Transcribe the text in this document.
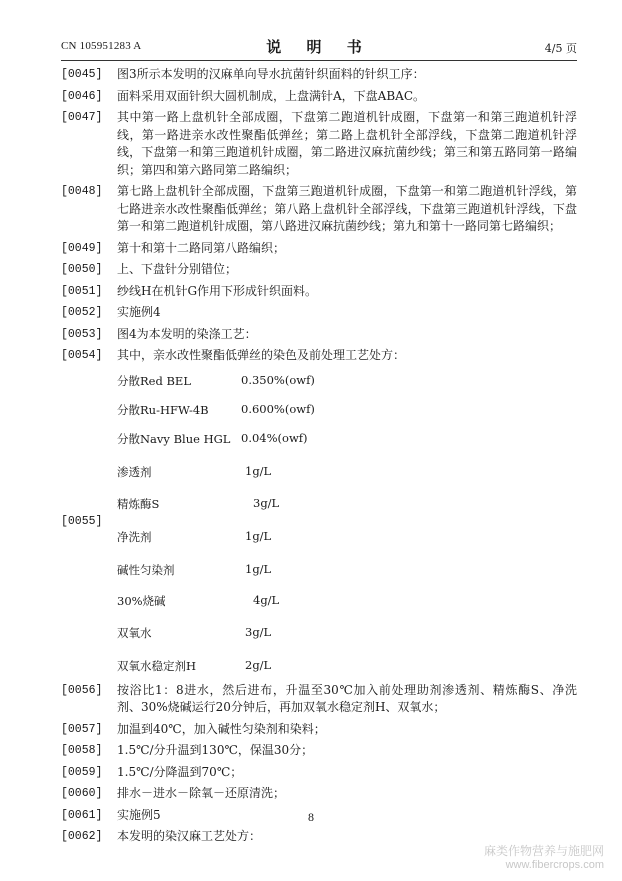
CN 105951283 A	说 明 书	4/5 页
[0045] 图3所示本发明的汉麻单向导水抗菌针织面料的针织工序：
[0046] 面料采用双面针织大圆机制成，上盘满针A，下盘ABAC。
[0047] 其中第一路上盘机针全部成圈，下盘第二跑道机针成圈，下盘第一和第三跑道机针浮线，第一路进亲水改性聚酯低弹丝；第二路上盘机针全部浮线，下盘第二跑道机针浮线，下盘第一和第三跑道机针成圈，第二路进汉麻抗菌纱线；第三和第五路同第一路编织；第四和第六路同第二路编织；
[0048] 第七路上盘机针全部成圈，下盘第三跑道机针成圈，下盘第一和第二跑道机针浮线，第七路进亲水改性聚酯低弹丝；第八路上盘机针全部浮线，下盘第三跑道机针浮线，下盘第一和第二跑道机针成圈，第八路进汉麻抗菌纱线；第九和第十一路同第七路编织；
[0049] 第十和第十二路同第八路编织；
[0050] 上、下盘针分别错位；
[0051] 纱线H在机针G作用下形成针织面料。
[0052] 实施例4
[0053] 图4为本发明的染涤工艺：
[0054] 其中，亲水改性聚酯低弹丝的染色及前处理工艺处方：
[0055]
分散Red BEL	0.350%(owf)
分散Ru-HFW-4B	0.600%(owf)
分散Navy Blue HGL 0.04%(owf)
渗透剂	1g/L
精炼酶S	3g/L
净洗剂	1g/L
碱性匀染剂	1g/L
30%烧碱	4g/L
双氧水	3g/L
双氧水稳定剂H	2g/L
[0056] 按浴比1：8进水，然后进布，升温至30℃加入前处理助剂渗透剂、精炼酶S、净洗剂、30%烧碱运行20分钟后，再加双氧水稳定剂H、双氧水；
[0057] 加温到40℃，加入碱性匀染剂和染料；
[0058] 1.5℃/分升温到130℃，保温30分；
[0059] 1.5℃/分降温到70℃；
[0060] 排水－进水－除氧－还原清洗；
[0061] 实施例5
[0062] 本发明的染汉麻工艺处方：
8
麻类作物营养与施肥网
www.fibercrops.com
